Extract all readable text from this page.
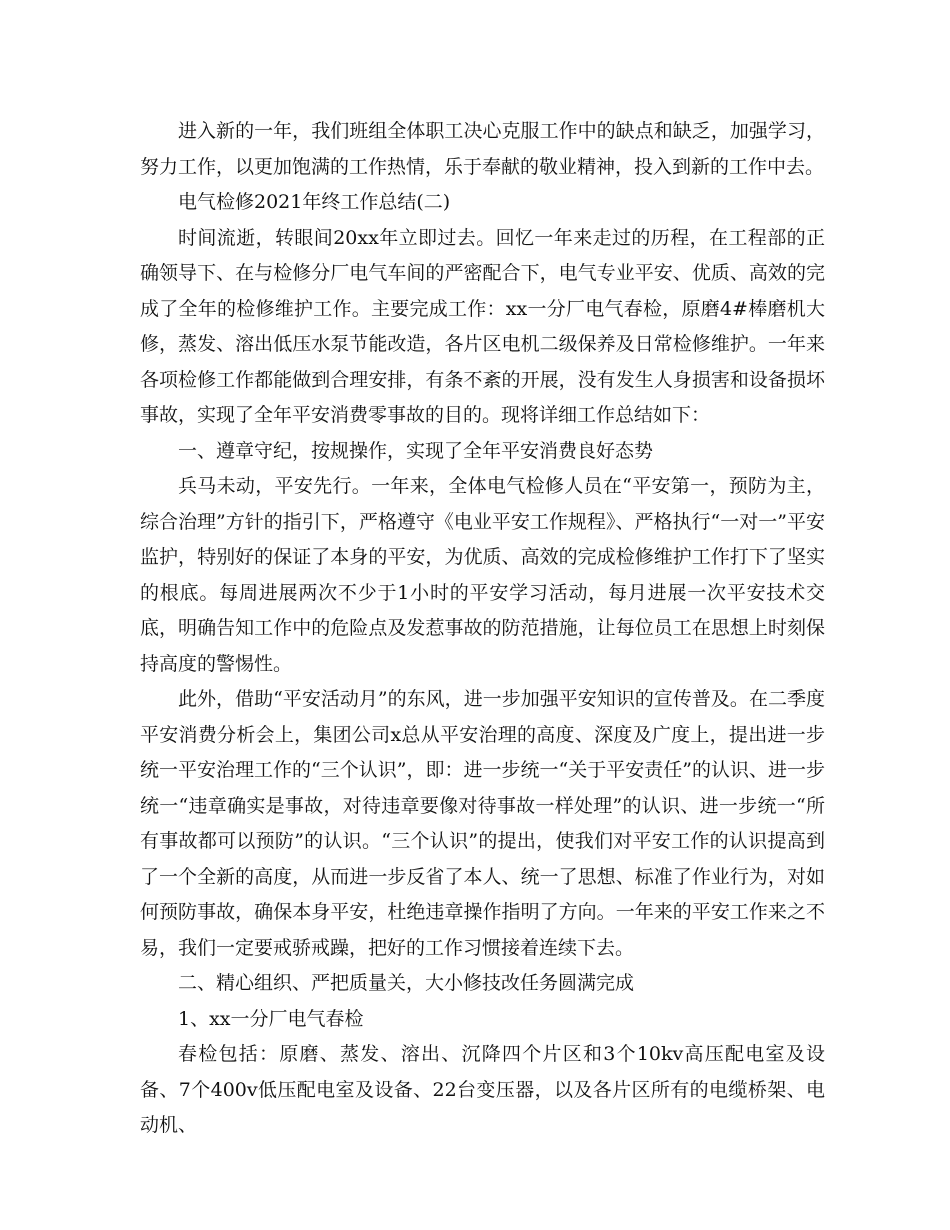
进入新的一年，我们班组全体职工决心克服工作中的缺点和缺乏，加强学习，努力工作，以更加饱满的工作热情，乐于奉献的敬业精神，投入到新的工作中去。

电气检修2021年终工作总结(二)

时间流逝，转眼间20xx年立即过去。回忆一年来走过的历程，在工程部的正确领导下、在与检修分厂电气车间的严密配合下，电气专业平安、优质、高效的完成了全年的检修维护工作。主要完成工作：xx一分厂电气春检，原磨4#棒磨机大修，蒸发、溶出低压水泵节能改造，各片区电机二级保养及日常检修维护。一年来各项检修工作都能做到合理安排，有条不紊的开展，没有发生人身损害和设备损坏事故，实现了全年平安消费零事故的目的。现将详细工作总结如下：

一、遵章守纪，按规操作，实现了全年平安消费良好态势

兵马未动，平安先行。一年来，全体电气检修人员在“平安第一，预防为主，综合治理”方针的指引下，严格遵守《电业平安工作规程》、严格执行“一对一”平安监护，特别好的保证了本身的平安，为优质、高效的完成检修维护工作打下了坚实的根底。每周进展两次不少于1小时的平安学习活动，每月进展一次平安技术交底，明确告知工作中的危险点及发惹事故的防范措施，让每位员工在思想上时刻保持高度的警惕性。

此外，借助“平安活动月”的东风，进一步加强平安知识的宣传普及。在二季度平安消费分析会上，集团公司x总从平安治理的高度、深度及广度上，提出进一步统一平安治理工作的“三个认识”，即：进一步统一“关于平安责任”的认识、进一步统一“违章确实是事故，对待违章要像对待事故一样处理”的认识、进一步统一“所有事故都可以预防”的认识。“三个认识”的提出，使我们对平安工作的认识提高到了一个全新的高度，从而进一步反省了本人、统一了思想、标准了作业行为，对如何预防事故，确保本身平安，杜绝违章操作指明了方向。一年来的平安工作来之不易，我们一定要戒骄戒躁，把好的工作习惯接着连续下去。

二、精心组织、严把质量关，大小修技改任务圆满完成

1、xx一分厂电气春检

春检包括：原磨、蒸发、溶出、沉降四个片区和3个10kv高压配电室及设备、7个400v低压配电室及设备、22台变压器，以及各片区所有的电缆桥架、电动机、
